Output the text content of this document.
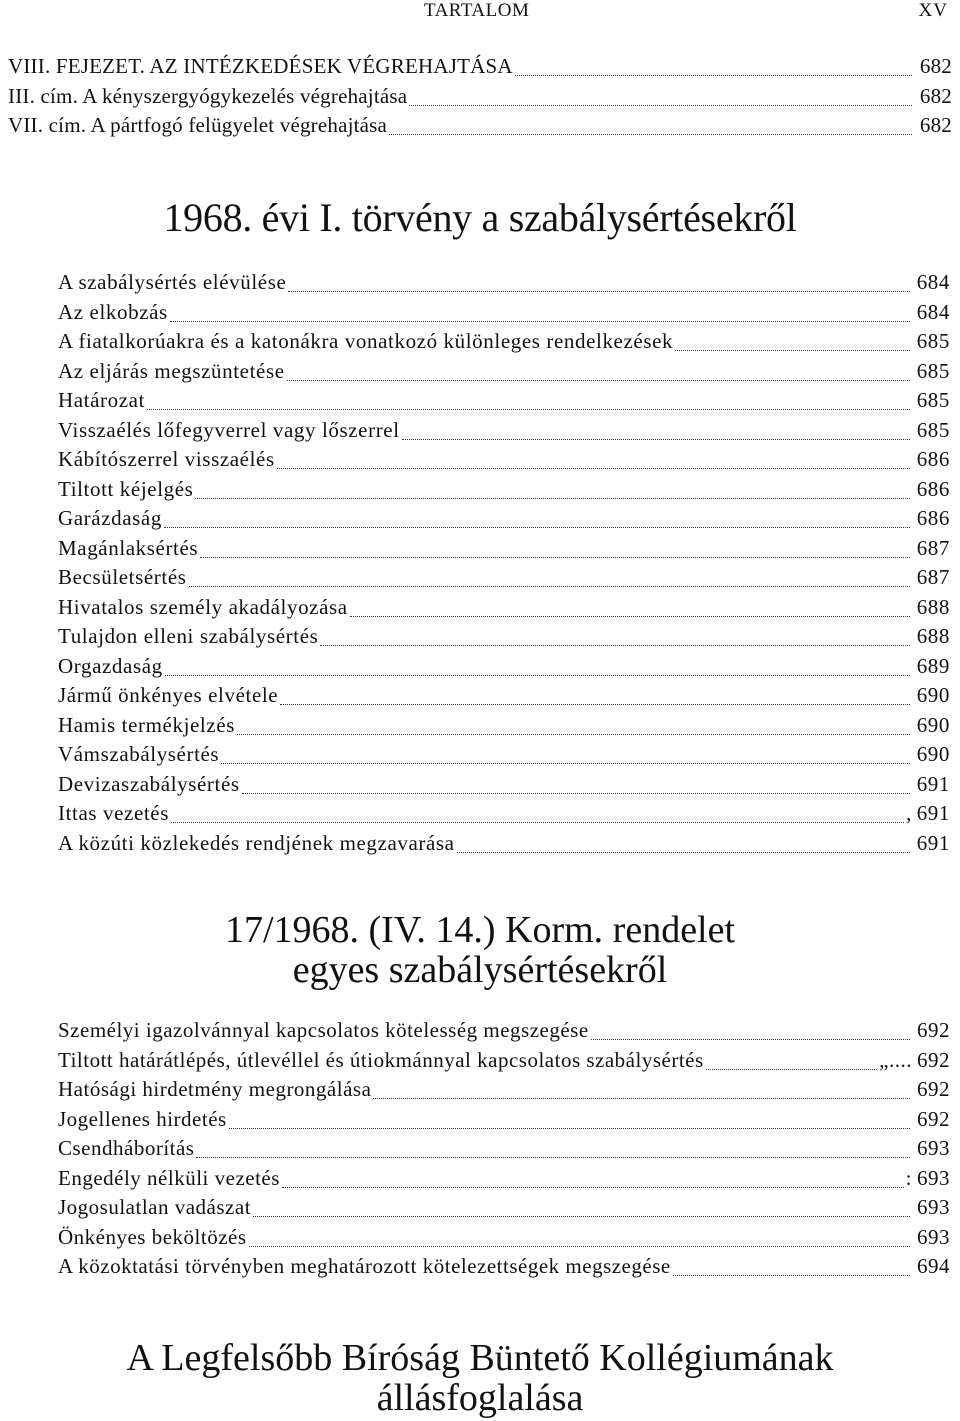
TARTALOM	XV
VIII. FEJEZET. AZ INTÉZKEDÉSEK VÉGREHAJTÁSA	682
III. cím. A kényszergyógykezelés végrehajtása	682
VII. cím. A pártfogó felügyelet végrehajtása	682
1968. évi I. törvény a szabálysértésekről
A szabálysértés elévülése	684
Az elkobzás	684
A fiatalkorúakra és a katonákra vonatkozó különleges rendelkezések	685
Az eljárás megszüntetése	685
Határozat	685
Visszaélés lőfegyverrel vagy lőszerrel	685
Kábítószerrel visszaélés	686
Tiltott kéjelgés	686
Garázdaság	686
Magánlaksértés	687
Becsületsértés	687
Hivatalos személy akadályozása	688
Tulajdon elleni szabálysértés	688
Orgazdaság	689
Jármű önkényes elvétele	690
Hamis termékjelzés	690
Vámszabálysértés	690
Devizaszabálysértés	691
Ittas vezetés	, 691
A közúti közlekedés rendjének megzavarása	691
17/1968. (IV. 14.) Korm. rendelet
egyes szabálysértésekről
Személyi igazolvánnyal kapcsolatos kötelesség megszegése	692
Tiltott határátlépés, útlevéllel és útiokmánnyal kapcsolatos szabálysértés	„.... 692
Hatósági hirdetmény megrongálása	692
Jogellenes hirdetés	692
Csendháborítás	693
Engedély nélküli vezetés	: 693
Jogosulatlan vadászat	693
Önkényes beköltözés	693
A közoktatási törvényben meghatározott kötelezettségek megszegése	694
A Legfelsőbb Bíróság Büntető Kollégiumának
állásfoglalása
